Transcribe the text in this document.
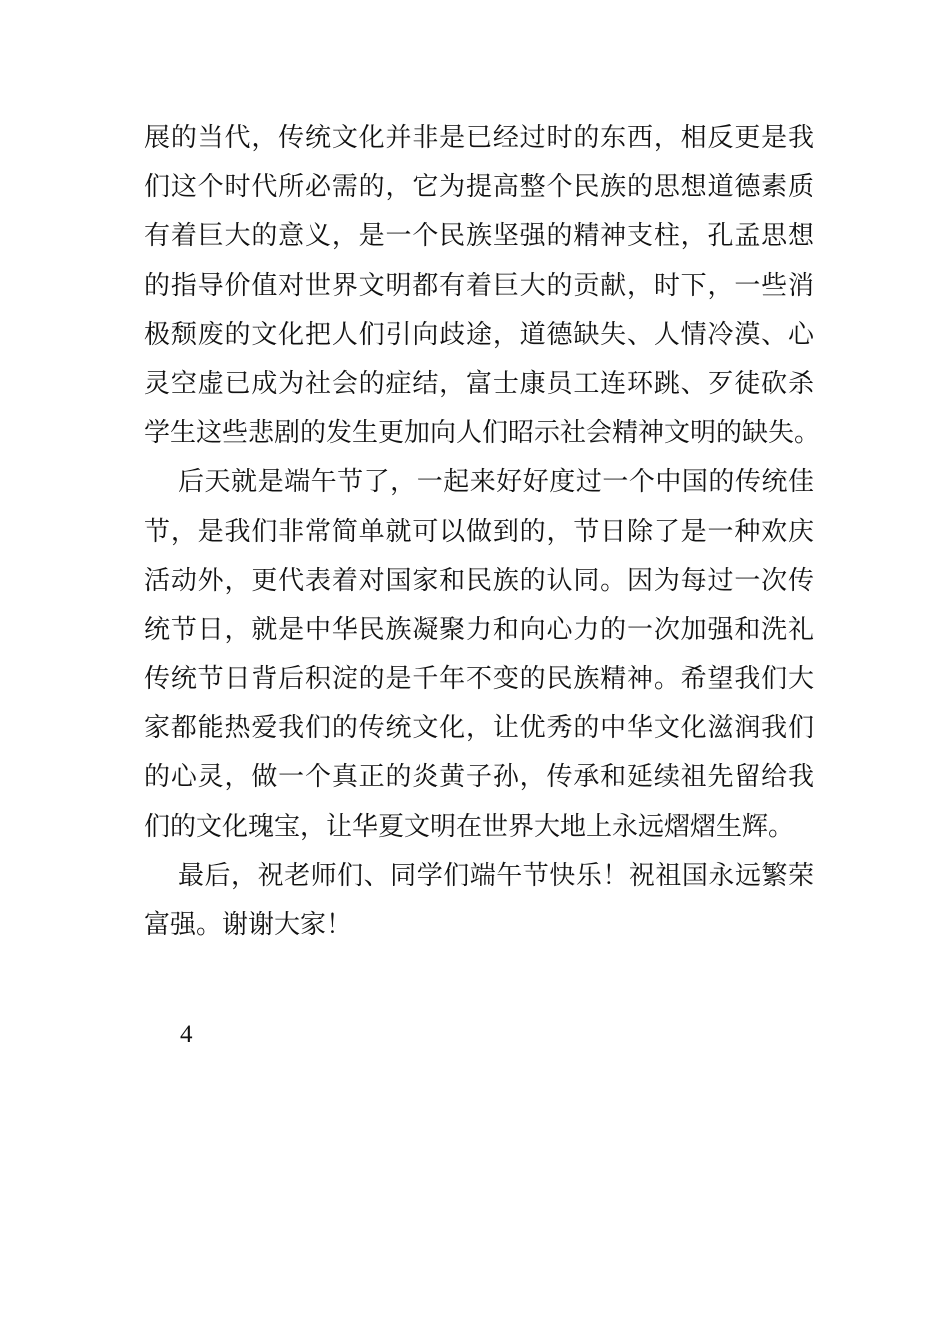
展的当代，传统文化并非是已经过时的东西，相反更是我
们这个时代所必需的，它为提高整个民族的思想道德素质
有着巨大的意义，是一个民族坚强的精神支柱，孔孟思想
的指导价值对世界文明都有着巨大的贡献，时下，一些消
极颓废的文化把人们引向歧途，道德缺失、人情冷漠、心
灵空虚已成为社会的症结，富士康员工连环跳、歹徒砍杀
学生这些悲剧的发生更加向人们昭示社会精神文明的缺失。
后天就是端午节了，一起来好好度过一个中国的传统佳
节，是我们非常简单就可以做到的，节日除了是一种欢庆
活动外，更代表着对国家和民族的认同。因为每过一次传
统节日，就是中华民族凝聚力和向心力的一次加强和洗礼
传统节日背后积淀的是千年不变的民族精神。希望我们大
家都能热爱我们的传统文化，让优秀的中华文化滋润我们
的心灵，做一个真正的炎黄子孙，传承和延续祖先留给我
们的文化瑰宝，让华夏文明在世界大地上永远熠熠生辉。
最后，祝老师们、同学们端午节快乐！祝祖国永远繁荣
富强。谢谢大家！
4
